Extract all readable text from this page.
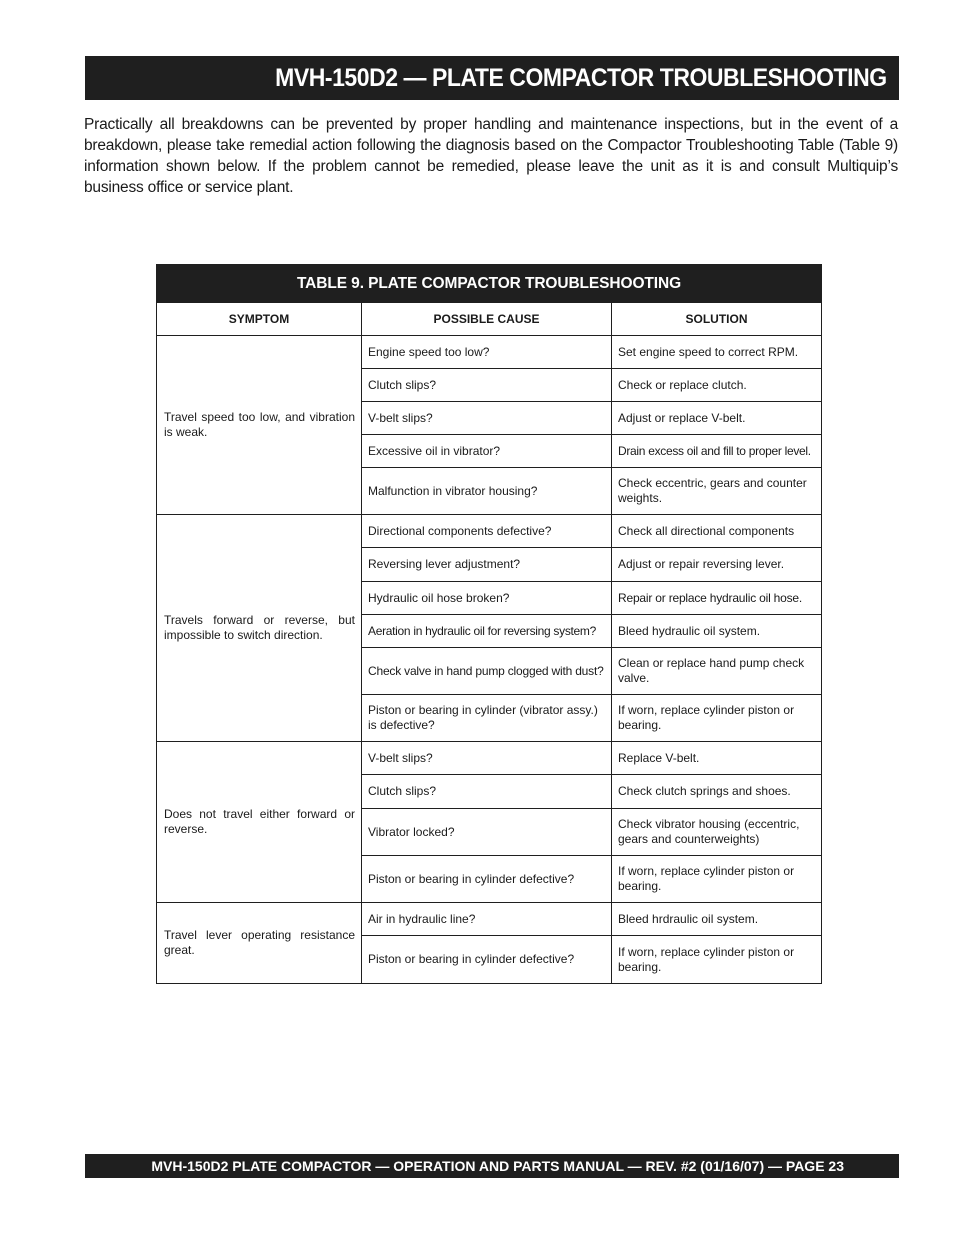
MVH-150D2 — PLATE COMPACTOR TROUBLESHOOTING

Practically all breakdowns can be prevented by proper handling and maintenance inspections, but in the event of a breakdown, please take remedial action following the diagnosis based on the Compactor Troubleshooting Table (Table 9) information shown below. If the problem cannot be remedied, please leave the unit as it is and consult Multiquip’s business office or service plant.

TABLE 9. PLATE COMPACTOR TROUBLESHOOTING		
SYMPTOM	POSSIBLE CAUSE	SOLUTION
Travel speed too low, and vibration is weak.	Engine speed too low?	Set engine speed to correct RPM.
	Clutch slips?	Check or replace clutch.
	V-belt slips?	Adjust or replace V-belt.
	Excessive oil in vibrator?	Drain excess oil and fill to proper level.
	Malfunction in vibrator housing?	Check eccentric, gears and counter weights.
Travels forward or reverse, but impossible to switch direction.	Directional components defective?	Check all directional components
	Reversing lever adjustment?	Adjust or repair reversing lever.
	Hydraulic oil hose broken?	Repair or replace hydraulic oil hose.
	Aeration in hydraulic oil for reversing system?	Bleed hydraulic oil system.
	Check valve in hand pump clogged with dust?	Clean or replace hand pump check valve.
	Piston or bearing in cylinder (vibrator assy.) is defective?	If worn, replace cylinder piston or bearing.
Does not travel either forward or reverse.	V-belt slips?	Replace V-belt.
	Clutch slips?	Check clutch springs and shoes.
	Vibrator locked?	Check vibrator housing (eccentric, gears and counterweights)
	Piston or bearing in cylinder defective?	If worn, replace cylinder piston or bearing.
Travel lever operating resistance great.	Air in hydraulic line?	Bleed hrdraulic oil system.
	Piston or bearing in cylinder defective?	If worn, replace cylinder piston or bearing.
MVH-150D2 PLATE COMPACTOR — OPERATION AND PARTS MANUAL — REV. #2 (01/16/07) — PAGE 23
